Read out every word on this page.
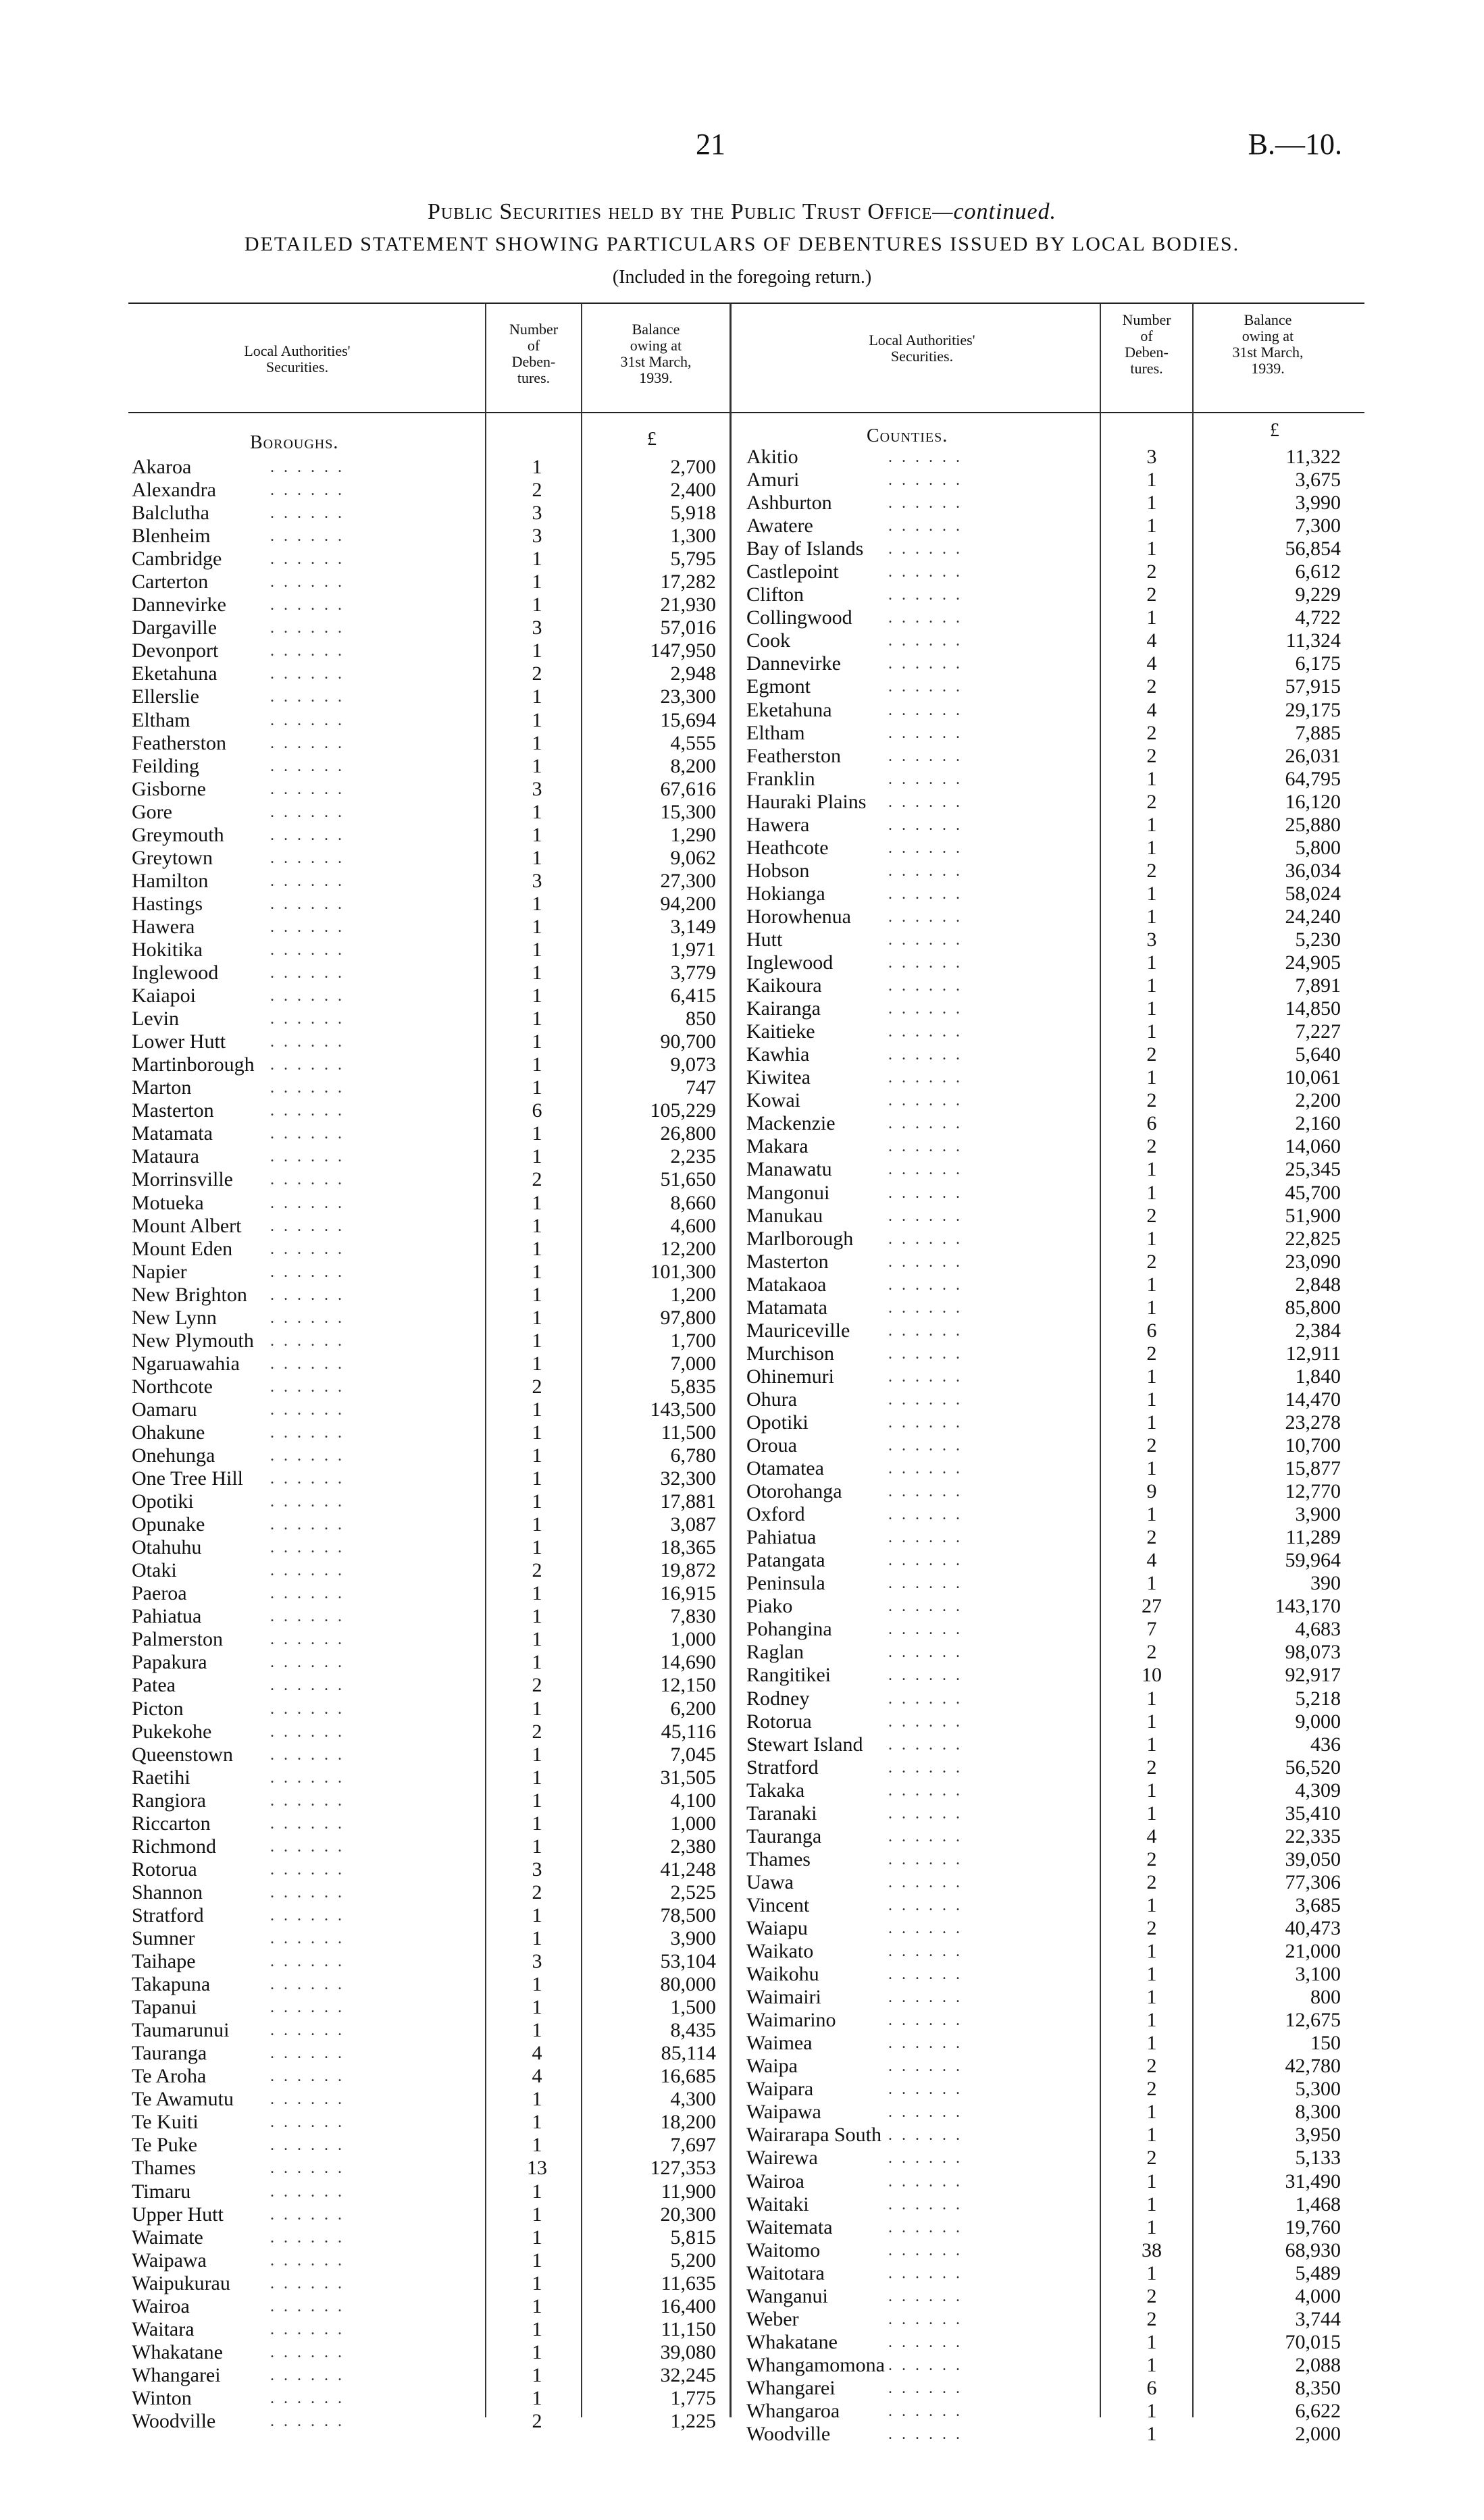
21	B.—10.
Public Securities held by the Public Trust Office—continued.
DETAILED STATEMENT SHOWING PARTICULARS OF DEBENTURES ISSUED BY LOCAL BODIES.
(Included in the foregoing return.)
Local Authorities'
Securities.
Number
of
Deben-
tures.
Balance
owing at
31st March,
1939.
Local Authorities'
Securities.
Number
of
Deben-
tures.
Balance
owing at
31st March,
1939.
Boroughs.	£	Counties.	£
Akaroa	. . . . . .	1	2,700
Alexandra	. . . . . .	2	2,400
Balclutha	. . . . . .	3	5,918
Blenheim	. . . . . .	3	1,300
Cambridge	. . . . . .	1	5,795
Carterton	. . . . . .	1	17,282
Dannevirke	. . . . . .	1	21,930
Dargaville	. . . . . .	3	57,016
Devonport	. . . . . .	1	147,950
Eketahuna	. . . . . .	2	2,948
Ellerslie	. . . . . .	1	23,300
Eltham	. . . . . .	1	15,694
Featherston	. . . . . .	1	4,555
Feilding	. . . . . .	1	8,200
Gisborne	. . . . . .	3	67,616
Gore	. . . . . .	1	15,300
Greymouth	. . . . . .	1	1,290
Greytown	. . . . . .	1	9,062
Hamilton	. . . . . .	3	27,300
Hastings	. . . . . .	1	94,200
Hawera	. . . . . .	1	3,149
Hokitika	. . . . . .	1	1,971
Inglewood	. . . . . .	1	3,779
Kaiapoi	. . . . . .	1	6,415
Levin	. . . . . .	1	850
Lower Hutt	. . . . . .	1	90,700
Martinborough . . . . . .	1	9,073
Marton	. . . . . .	1	747
Masterton	. . . . . .	6	105,229
Matamata	. . . . . .	1	26,800
Mataura	. . . . . .	1	2,235
Morrinsville . . . . . .	2	51,650
Motueka	. . . . . .	1	8,660
Mount Albert . . . . . .	1	4,600
Mount Eden . . . . . .	1	12,200
Napier	. . . . . .	1	101,300
New Brighton . . . . . .	1	1,200
New Lynn	. . . . . .	1	97,800
New Plymouth . . . . . .	1	1,700
Ngaruawahia . . . . . .	1	7,000
Northcote	. . . . . .	2	5,835
Oamaru	. . . . . .	1	143,500
Ohakune	. . . . . .	1	11,500
Onehunga	. . . . . .	1	6,780
One Tree Hill . . . . . .	1	32,300
Opotiki	. . . . . .	1	17,881
Opunake	. . . . . .	1	3,087
Otahuhu	. . . . . .	1	18,365
Otaki	. . . . . .	2	19,872
Paeroa	. . . . . .	1	16,915
Pahiatua	. . . . . .	1	7,830
Palmerston	. . . . . .	1	1,000
Papakura	. . . . . .	1	14,690
Patea	. . . . . .	2	12,150
Picton	. . . . . .	1	6,200
Pukekohe	. . . . . .	2	45,116
Queenstown . . . . . .	1	7,045
Raetihi	. . . . . .	1	31,505
Rangiora	. . . . . .	1	4,100
Riccarton	. . . . . .	1	1,000
Richmond	. . . . . .	1	2,380
Rotorua	. . . . . .	3	41,248
Shannon	. . . . . .	2	2,525
Stratford	. . . . . .	1	78,500
Sumner	. . . . . .	1	3,900
Taihape	. . . . . .	3	53,104
Takapuna	. . . . . .	1	80,000
Tapanui	. . . . . .	1	1,500
Taumarunui	. . . . . .	1	8,435
Tauranga	. . . . . .	4	85,114
Te Aroha	. . . . . .	4	16,685
Te Awamutu . . . . . .	1	4,300
Te Kuiti	. . . . . .	1	18,200
Te Puke	. . . . . .	1	7,697
Thames	. . . . . .	13	127,353
Timaru	. . . . . .	1	11,900
Upper Hutt	. . . . . .	1	20,300
Waimate	. . . . . .	1	5,815
Waipawa	. . . . . .	1	5,200
Waipukurau . . . . . .	1	11,635
Wairoa	. . . . . .	1	16,400
Waitara	. . . . . .	1	11,150
Whakatane	. . . . . .	1	39,080
Whangarei	. . . . . .	1	32,245
Winton	. . . . . .	1	1,775
Woodville	. . . . . .	2	1,225
Akitio	. . . . . .	3	11,322
Amuri	. . . . . .	1	3,675
Ashburton	. . . . . .	1	3,990
Awatere	. . . . . .	1	7,300
Bay of Islands . . . . . .	1	56,854
Castlepoint	. . . . . .	2	6,612
Clifton	. . . . . .	2	9,229
Collingwood . . . . . .	1	4,722
Cook	. . . . . .	4	11,324
Dannevirke	. . . . . .	4	6,175
Egmont	. . . . . .	2	57,915
Eketahuna	. . . . . .	4	29,175
Eltham	. . . . . .	2	7,885
Featherston	. . . . . .	2	26,031
Franklin	. . . . . .	1	64,795
Hauraki Plains . . . . . .	2	16,120
Hawera	. . . . . .	1	25,880
Heathcote	. . . . . .	1	5,800
Hobson	. . . . . .	2	36,034
Hokianga	. . . . . .	1	58,024
Horowhenua . . . . . .	1	24,240
Hutt	. . . . . .	3	5,230
Inglewood	. . . . . .	1	24,905
Kaikoura	. . . . . .	1	7,891
Kairanga	. . . . . .	1	14,850
Kaitieke	. . . . . .	1	7,227
Kawhia	. . . . . .	2	5,640
Kiwitea	. . . . . .	1	10,061
Kowai	. . . . . .	2	2,200
Mackenzie	. . . . . .	6	2,160
Makara	. . . . . .	2	14,060
Manawatu	. . . . . .	1	25,345
Mangonui	. . . . . .	1	45,700
Manukau	. . . . . .	2	51,900
Marlborough . . . . . .	1	22,825
Masterton	. . . . . .	2	23,090
Matakaoa	. . . . . .	1	2,848
Matamata	. . . . . .	1	85,800
Mauriceville . . . . . .	6	2,384
Murchison	. . . . . .	2	12,911
Ohinemuri	. . . . . .	1	1,840
Ohura	. . . . . .	1	14,470
Opotiki	. . . . . .	1	23,278
Oroua	. . . . . .	2	10,700
Otamatea	. . . . . .	1	15,877
Otorohanga	. . . . . .	9	12,770
Oxford	. . . . . .	1	3,900
Pahiatua	. . . . . .	2	11,289
Patangata	. . . . . .	4	59,964
Peninsula	. . . . . .	1	390
Piako	. . . . . .	27	143,170
Pohangina	. . . . . .	7	4,683
Raglan	. . . . . .	2	98,073
Rangitikei	. . . . . .	10	92,917
Rodney	. . . . . .	1	5,218
Rotorua	. . . . . .	1	9,000
Stewart Island . . . . . .	1	436
Stratford	. . . . . .	2	56,520
Takaka	. . . . . .	1	4,309
Taranaki	. . . . . .	1	35,410
Tauranga	. . . . . .	4	22,335
Thames	. . . . . .	2	39,050
Uawa	. . . . . .	2	77,306
Vincent	. . . . . .	1	3,685
Waiapu	. . . . . .	2	40,473
Waikato	. . . . . .	1	21,000
Waikohu	. . . . . .	1	3,100
Waimairi	. . . . . .	1	800
Waimarino	. . . . . .	1	12,675
Waimea	. . . . . .	1	150
Waipa	. . . . . .	2	42,780
Waipara	. . . . . .	2	5,300
Waipawa	. . . . . .	1	8,300
Wairarapa South . . . . . .	1	3,950
Wairewa	. . . . . .	2	5,133
Wairoa	. . . . . .	1	31,490
Waitaki	. . . . . .	1	1,468
Waitemata	. . . . . .	1	19,760
Waitomo	. . . . . .	38	68,930
Waitotara	. . . . . .	1	5,489
Wanganui	. . . . . .	2	4,000
Weber	. . . . . .	2	3,744
Whakatane	. . . . . .	1	70,015
Whangamomona . . . . . .	1	2,088
Whangarei	. . . . . .	6	8,350
Whangaroa	. . . . . .	1	6,622
Woodville	. . . . . .	1	2,000
